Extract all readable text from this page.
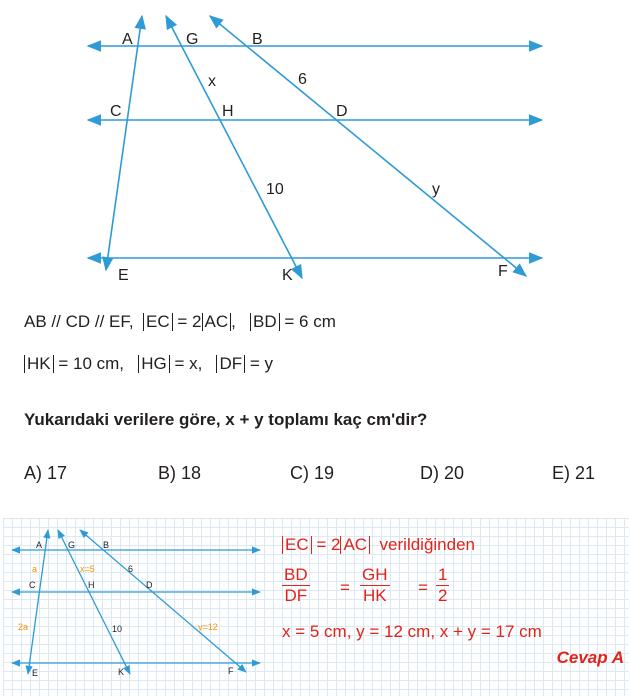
A	G	B
C	H	D
E	K	F
x	6
10	y
AB // CD // EF, EC = 2 AC , BD = 6 cm
HK = 10 cm, HG = x, DF = y
Yukarıdaki verilere göre, x + y toplamı kaç cm'dir?
A) 17	B) 18	C) 19	D) 20	E) 21
A	G	B
C	H	D
E	K	F
6
10
a	x=5
2a	y=12
EC = 2 AC verildiğinden
$\frac{BD}{DF} = \frac{GH}{HK} = \frac{1}{2}$
x = 5 cm, y = 12 cm, x + y = 17 cm
Cevap A
